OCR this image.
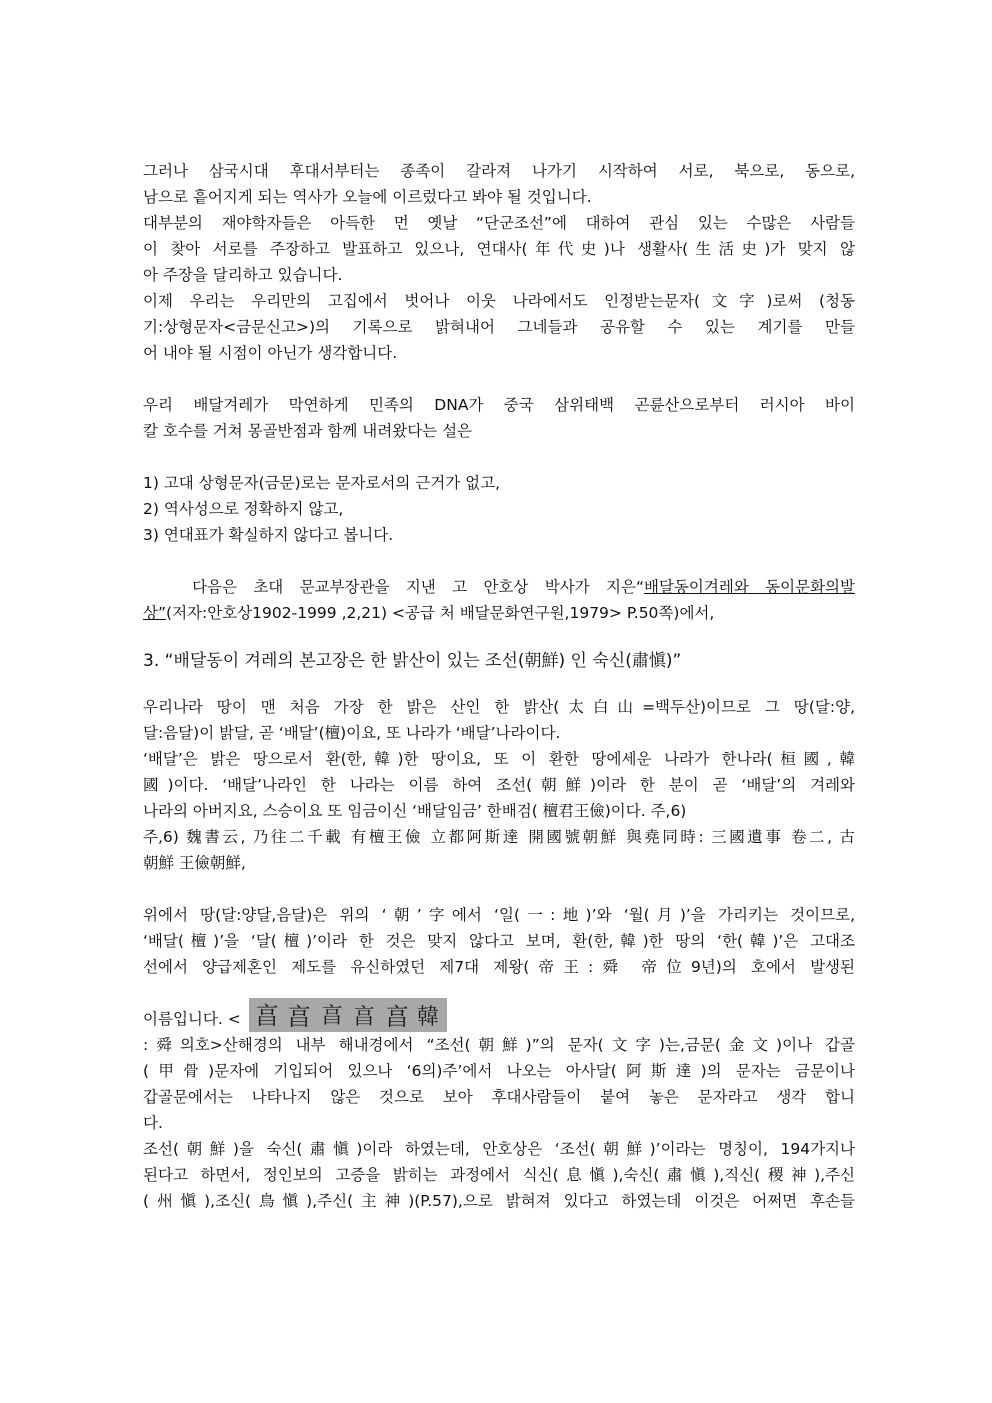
그러나 삼국시대 후대서부터는 종족이 갈라져 나가기 시작하여 서로, 북으로, 동으로,
남으로 흩어지게 되는 역사가 오늘에 이르렀다고 봐야 될 것입니다.
대부분의 재야학자들은 아득한 먼 옛날 “단군조선”에 대하여 관심 있는 수많은 사람들
이 찾아 서로를 주장하고 발표하고 있으나, 연대사(年代史)나 생활사(生活史)가 맞지 않
아 주장을 달리하고 있습니다.
이제 우리는 우리만의 고집에서 벗어나 이웃 나라에서도 인정받는문자(文字)로써 (청동
기:상형문자<금문신고>)의 기록으로 밝혀내어 그네들과 공유할 수 있는 계기를 만들
어 내야 될 시점이 아닌가 생각합니다.
우리 배달겨레가 막연하게 민족의 DNA가 중국 삼위태백 곤륜산으로부터 러시아 바이
칼 호수를 거쳐 몽골반점과 함께 내려왔다는 설은
1) 고대 상형문자(금문)로는 문자로서의 근거가 없고,
2) 역사성으로 정확하지 않고,
3) 연대표가 확실하지 않다고 봅니다.
다음은 초대 문교부장관을 지낸 고 안호상 박사가 지은“배달동이겨레와 동이문화의발
상”(저자:안호상1902-1999 ,2,21) <공급 처 배달문화연구원,1979> P.50쪽)에서,
3. “배달동이 겨레의 본고장은 한 밝산이 있는 조선(朝鮮) 인 숙신(肅愼)”
우리나라 땅이 맨 처음 가장 한 밝은 산인 한 밝산(太白山=백두산)이므로 그 땅(달:양,
달:음달)이 밝달, 곧 ‘배달’(檀)이요, 또 나라가 ‘배달’나라이다.
‘배달’은 밝은 땅으로서 환(한,韓)한 땅이요, 또 이 환한 땅에세운 나라가 한나라(桓國,韓
國)이다. ‘배달’나라인 한 나라는 이름 하여 조선(朝鮮)이라 한 분이 곧 ‘배달’의 겨레와
나라의 아버지요, 스승이요 또 임금이신 ‘배달임금’ 한배검( 檀君王儉)이다. 주,6)
주,6) 魏書云, 乃往二千載 有檀王儉 立都阿斯達 開國號朝鮮 與堯同時: 三國遺事 卷二, 古
朝鮮 王儉朝鮮,
위에서 땅(달:양달,음달)은 위의 ‘朝’字에서 ‘일(一:地)’와 ‘월(月)’을 가리키는 것이므로,
‘배달(檀)’을 ‘달(檀)’이라 한 것은 맞지 않다고 보며, 환(한,韓)한 땅의 ‘한(韓)’은 고대조
선에서 양급제혼인 제도를 유신하였던 제7대 제왕(帝王:舜 帝位9년)의 호에서 발생된
이름입니다. < 亯 亯 亯 亯 亯 韓
:舜의호>산해경의 내부 해내경에서 “조선(朝鮮)”의 문자(文字)는,금문(金文)이나 갑골
(甲骨)문자에 기입되어 있으나 ‘6의)주’에서 나오는 아사달(阿斯達)의 문자는 금문이나
갑골문에서는 나타나지 않은 것으로 보아 후대사람들이 붙여 놓은 문자라고 생각 합니
다.
조선(朝鮮)을 숙신(肅愼)이라 하였는데, 안호상은 ‘조선(朝鮮)’이라는 명칭이, 194가지나
된다고 하면서, 정인보의 고증을 밝히는 과정에서 식신(息愼),숙신(肅愼),직신(稷神),주신
(州愼),조신(鳥愼),주신(主神)(P.57),으로 밝혀져 있다고 하였는데 이것은 어쩌면 후손들
